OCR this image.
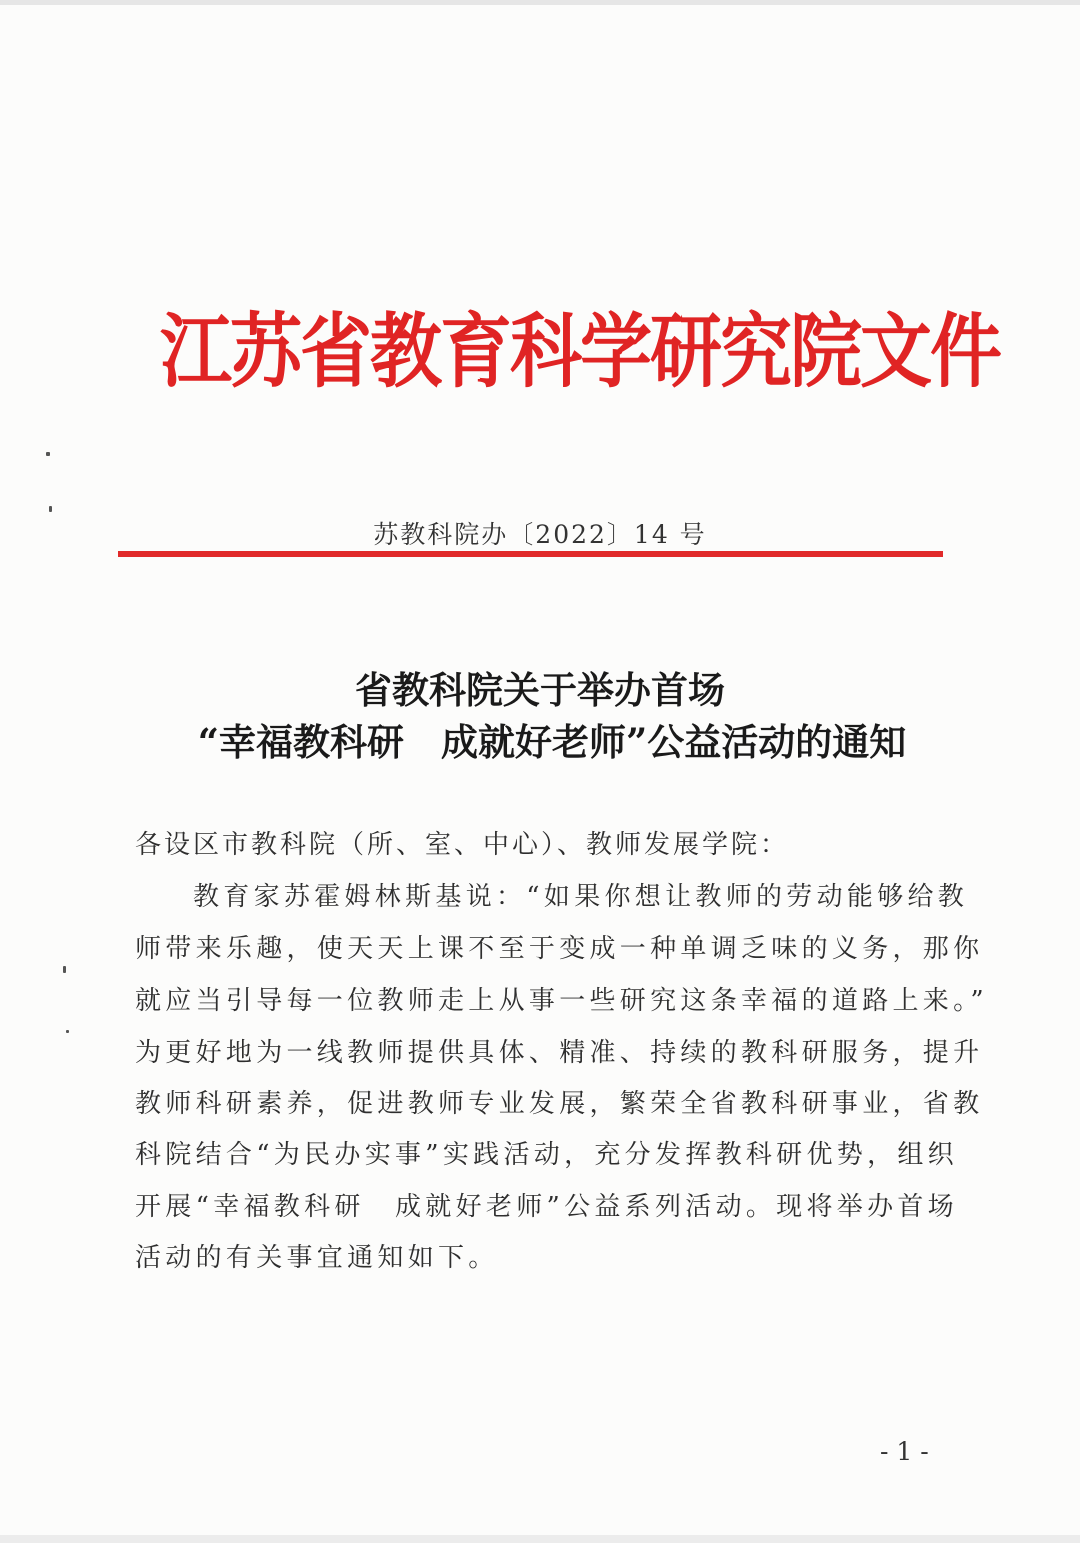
江苏省教育科学研究院文件
苏教科院办〔2022〕14 号
省教科院关于举办首场
“幸福教科研　成就好老师”公益活动的通知
各设区市教科院（所、室、中心）、教师发展学院：
教育家苏霍姆林斯基说：“如果你想让教师的劳动能够给教
师带来乐趣，使天天上课不至于变成一种单调乏味的义务，那你
就应当引导每一位教师走上从事一些研究这条幸福的道路上来。”
为更好地为一线教师提供具体、精准、持续的教科研服务，提升
教师科研素养，促进教师专业发展，繁荣全省教科研事业，省教
科院结合“为民办实事”实践活动，充分发挥教科研优势，组织
开展“幸福教科研　成就好老师”公益系列活动。现将举办首场
活动的有关事宜通知如下。
- 1 -
